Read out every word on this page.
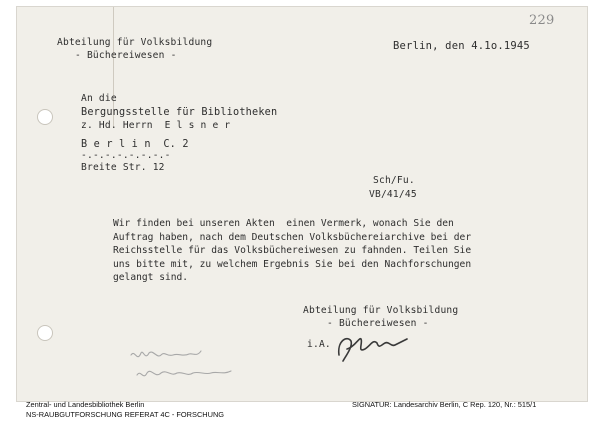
Abteilung für Volksbildung
- Büchereiwesen -
Berlin, den 4.1o.1945
229
An die
Bergungsstelle für Bibliotheken
z. Hd. Herrn  E l s n e r
B e r l i n  C. 2
-.-.-.-.-.-.-.-
Breite Str. 12
Sch/Fu.
VB/41/45
Wir finden bei unseren Akten  einen Vermerk, wonach Sie den
Auftrag haben, nach dem Deutschen Volksbüchereiarchive bei der
Reichsstelle für das Volksbüchereiwesen zu fahnden. Teilen Sie
uns bitte mit, zu welchem Ergebnis Sie bei den Nachforschungen
gelangt sind.
Abteilung für Volksbildung
- Büchereiwesen -
i.A.
Zentral- und Landesbibliothek Berlin
NS-RAUBGUTFORSCHUNG REFERAT 4C - FORSCHUNG
SIGNATUR: Landesarchiv Berlin, C Rep. 120, Nr.: 515/1
